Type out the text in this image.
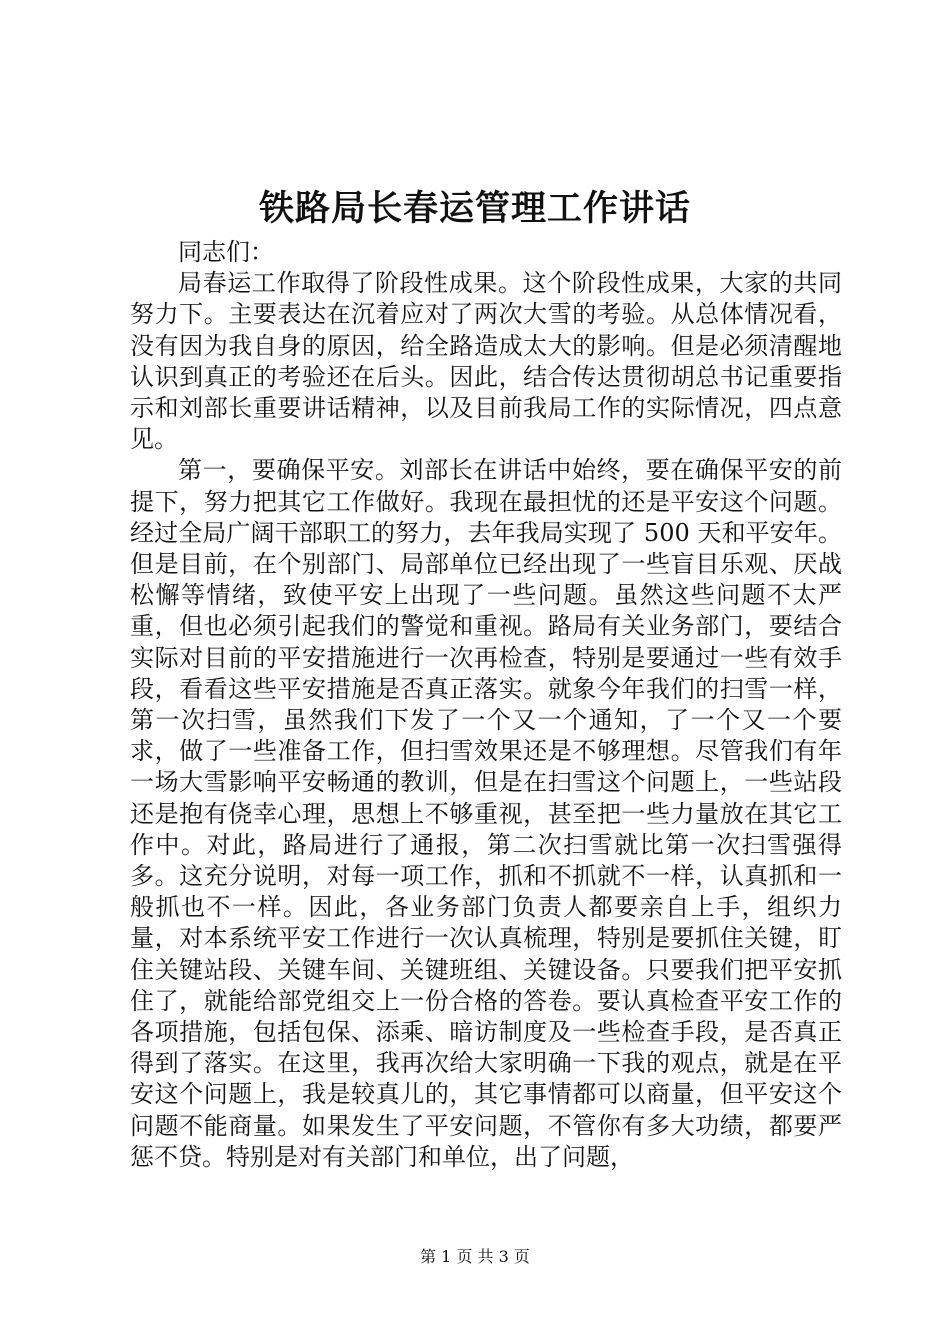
铁路局长春运管理工作讲话

同志们：

局春运工作取得了阶段性成果。这个阶段性成果，大家的共同努力下。主要表达在沉着应对了两次大雪的考验。从总体情况看，没有因为我自身的原因，给全路造成太大的影响。但是必须清醒地认识到真正的考验还在后头。因此，结合传达贯彻胡总书记重要指示和刘部长重要讲话精神，以及目前我局工作的实际情况，四点意见。

第一，要确保平安。刘部长在讲话中始终，要在确保平安的前提下，努力把其它工作做好。我现在最担忧的还是平安这个问题。经过全局广阔干部职工的努力，去年我局实现了 500 天和平安年。但是目前，在个别部门、局部单位已经出现了一些盲目乐观、厌战松懈等情绪，致使平安上出现了一些问题。虽然这些问题不太严重，但也必须引起我们的警觉和重视。路局有关业务部门，要结合实际对目前的平安措施进行一次再检查，特别是要通过一些有效手段，看看这些平安措施是否真正落实。就象今年我们的扫雪一样，第一次扫雪，虽然我们下发了一个又一个通知，了一个又一个要求，做了一些准备工作，但扫雪效果还是不够理想。尽管我们有年一场大雪影响平安畅通的教训，但是在扫雪这个问题上，一些站段还是抱有侥幸心理，思想上不够重视，甚至把一些力量放在其它工作中。对此，路局进行了通报，第二次扫雪就比第一次扫雪强得多。这充分说明，对每一项工作，抓和不抓就不一样，认真抓和一般抓也不一样。因此，各业务部门负责人都要亲自上手，组织力量，对本系统平安工作进行一次认真梳理，特别是要抓住关键，盯住关键站段、关键车间、关键班组、关键设备。只要我们把平安抓住了，就能给部党组交上一份合格的答卷。要认真检查平安工作的各项措施，包括包保、添乘、暗访制度及一些检查手段，是否真正得到了落实。在这里，我再次给大家明确一下我的观点，就是在平安这个问题上，我是较真儿的，其它事情都可以商量，但平安这个问题不能商量。如果发生了平安问题，不管你有多大功绩，都要严惩不贷。特别是对有关部门和单位，出了问题，

第 1 页 共 3 页
